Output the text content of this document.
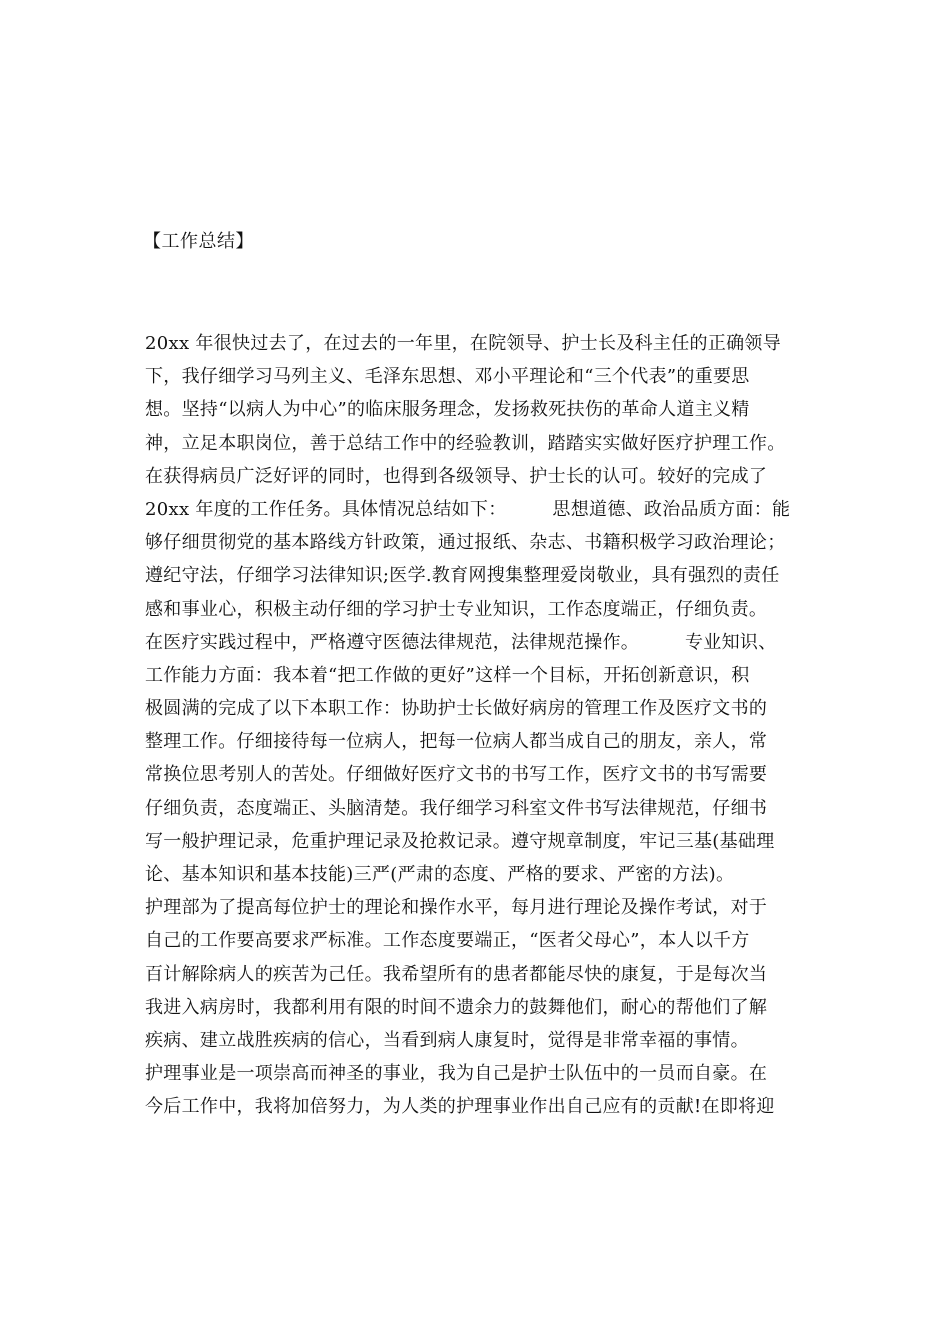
【工作总结】
20xx 年很快过去了，在过去的一年里，在院领导、护士长及科主任的正确领导
下，我仔细学习马列主义、毛泽东思想、邓小平理论和“三个代表”的重要思
想。坚持“以病人为中心”的临床服务理念，发扬救死扶伤的革命人道主义精
神，立足本职岗位，善于总结工作中的经验教训，踏踏实实做好医疗护理工作。
在获得病员广泛好评的同时，也得到各级领导、护士长的认可。较好的完成了
20xx 年度的工作任务。具体情况总结如下：　　　思想道德、政治品质方面：能
够仔细贯彻党的基本路线方针政策，通过报纸、杂志、书籍积极学习政治理论；
遵纪守法，仔细学习法律知识;医学.教育网搜集整理爱岗敬业，具有强烈的责任
感和事业心，积极主动仔细的学习护士专业知识，工作态度端正，仔细负责。
在医疗实践过程中，严格遵守医德法律规范，法律规范操作。　　　专业知识、
工作能力方面：我本着“把工作做的更好”这样一个目标，开拓创新意识，积
极圆满的完成了以下本职工作：协助护士长做好病房的管理工作及医疗文书的
整理工作。仔细接待每一位病人，把每一位病人都当成自己的朋友，亲人，常
常换位思考别人的苦处。仔细做好医疗文书的书写工作，医疗文书的书写需要
仔细负责，态度端正、头脑清楚。我仔细学习科室文件书写法律规范，仔细书
写一般护理记录，危重护理记录及抢救记录。遵守规章制度，牢记三基(基础理
论、基本知识和基本技能)三严(严肃的态度、严格的要求、严密的方法)。
护理部为了提高每位护士的理论和操作水平，每月进行理论及操作考试，对于
自己的工作要高要求严标准。工作态度要端正，“医者父母心”，本人以千方
百计解除病人的疾苦为己任。我希望所有的患者都能尽快的康复，于是每次当
我进入病房时，我都利用有限的时间不遗余力的鼓舞他们，耐心的帮他们了解
疾病、建立战胜疾病的信心，当看到病人康复时，觉得是非常幸福的事情。
护理事业是一项崇高而神圣的事业，我为自己是护士队伍中的一员而自豪。在
今后工作中，我将加倍努力，为人类的护理事业作出自己应有的贡献!在即将迎
